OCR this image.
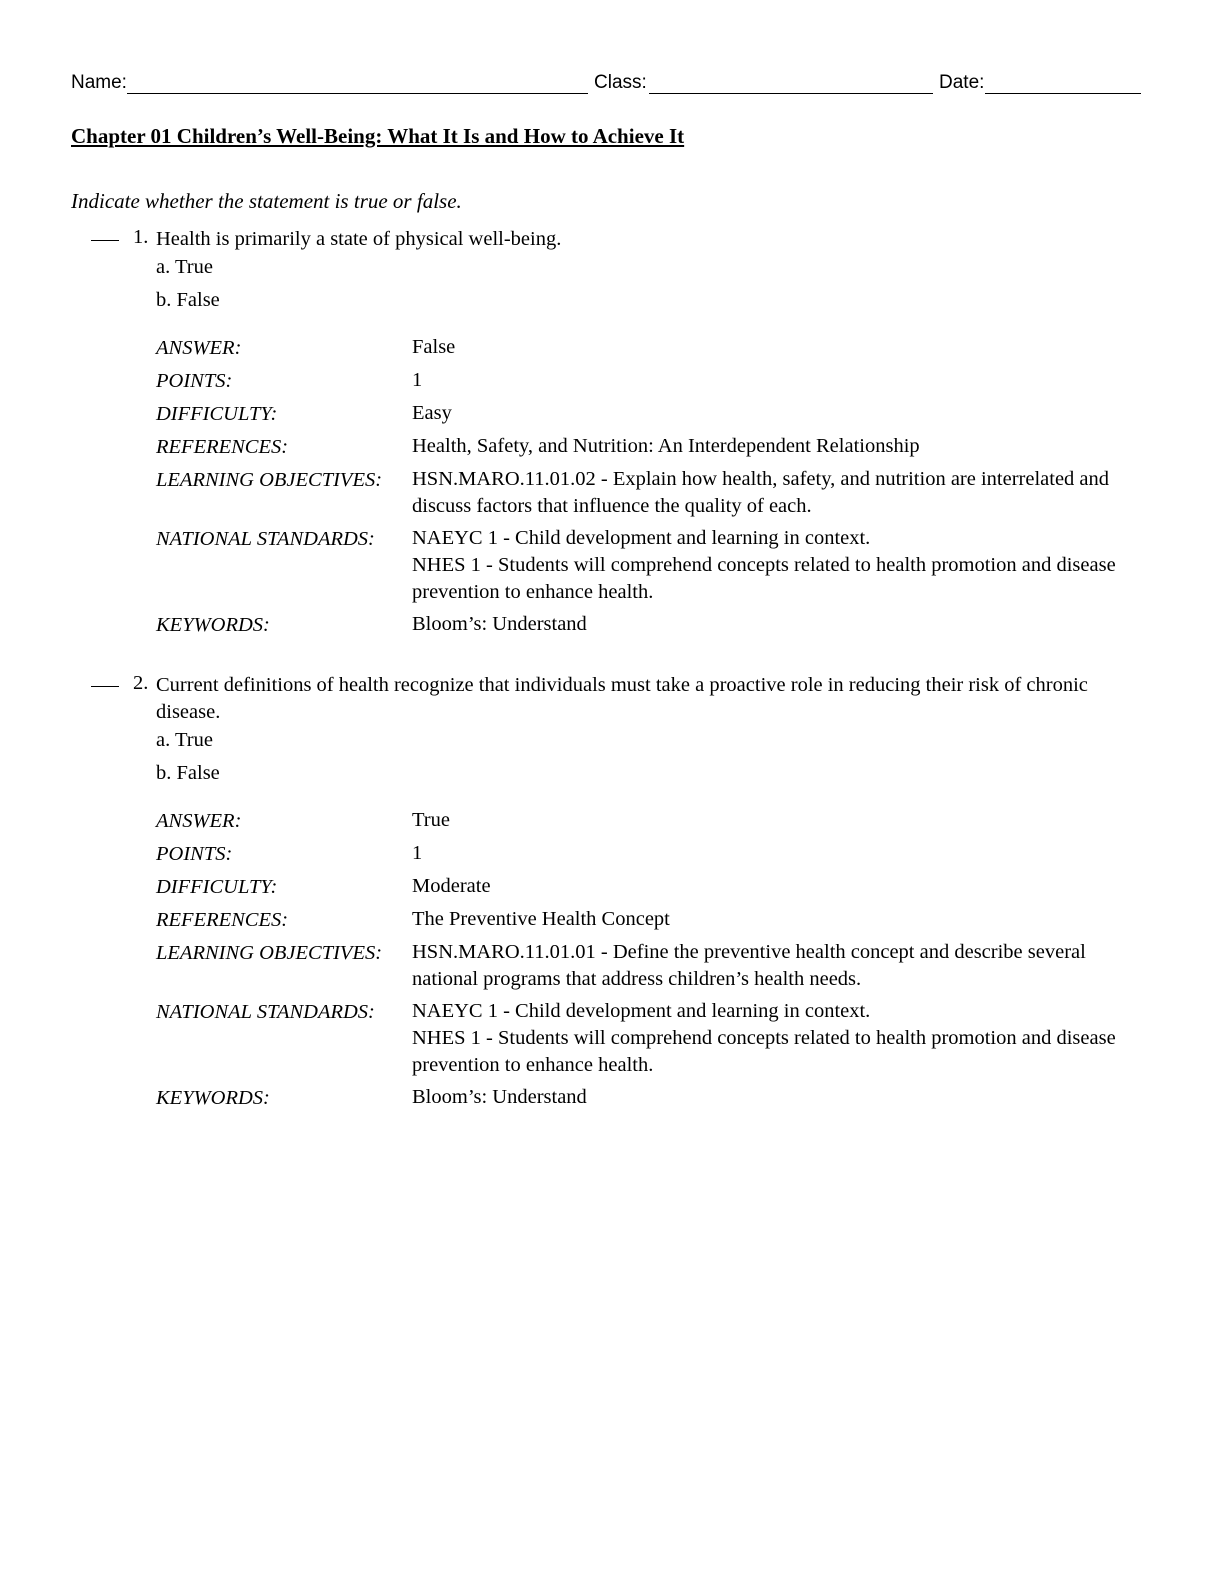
Name:	Class:	Date:
Chapter 01 Children’s Well-Being: What It Is and How to Achieve It
Indicate whether the statement is true or false.
1. Health is primarily a state of physical well-being.
a. True
b. False
ANSWER:	False
POINTS:	1
DIFFICULTY:	Easy
REFERENCES:	Health, Safety, and Nutrition: An Interdependent Relationship
LEARNING OBJECTIVES: HSN.MARO.11.01.02 - Explain how health, safety, and nutrition are interrelated and discuss factors that influence the quality of each.
NATIONAL STANDARDS: NAEYC 1 - Child development and learning in context.
NHES 1 - Students will comprehend concepts related to health promotion and disease prevention to enhance health.
KEYWORDS:	Bloom’s: Understand
2. Current definitions of health recognize that individuals must take a proactive role in reducing their risk of chronic disease.
a. True
b. False
ANSWER:	True
POINTS:	1
DIFFICULTY:	Moderate
REFERENCES:	The Preventive Health Concept
LEARNING OBJECTIVES: HSN.MARO.11.01.01 - Define the preventive health concept and describe several national programs that address children’s health needs.
NATIONAL STANDARDS: NAEYC 1 - Child development and learning in context.
NHES 1 - Students will comprehend concepts related to health promotion and disease prevention to enhance health.
KEYWORDS:	Bloom’s: Understand
